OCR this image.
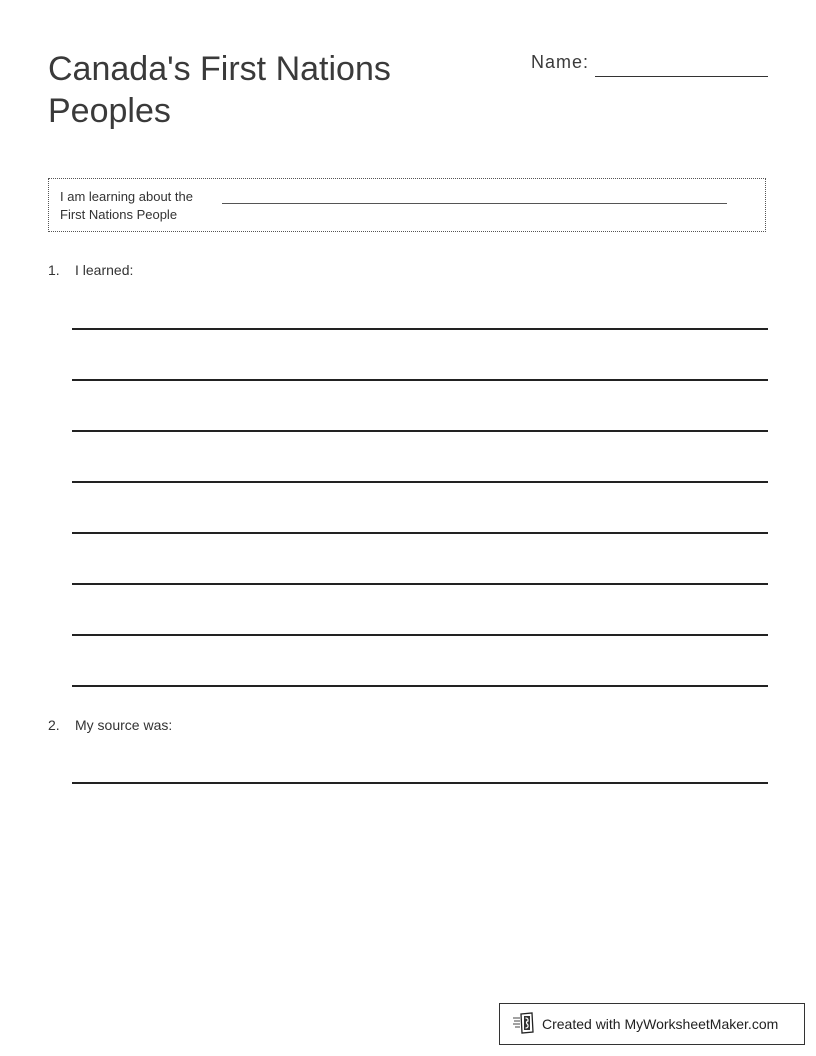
Canada's First Nations Peoples
Name:
I am learning about the
First Nations People
1. I learned:
2. My source was:
Created with MyWorksheetMaker.com
